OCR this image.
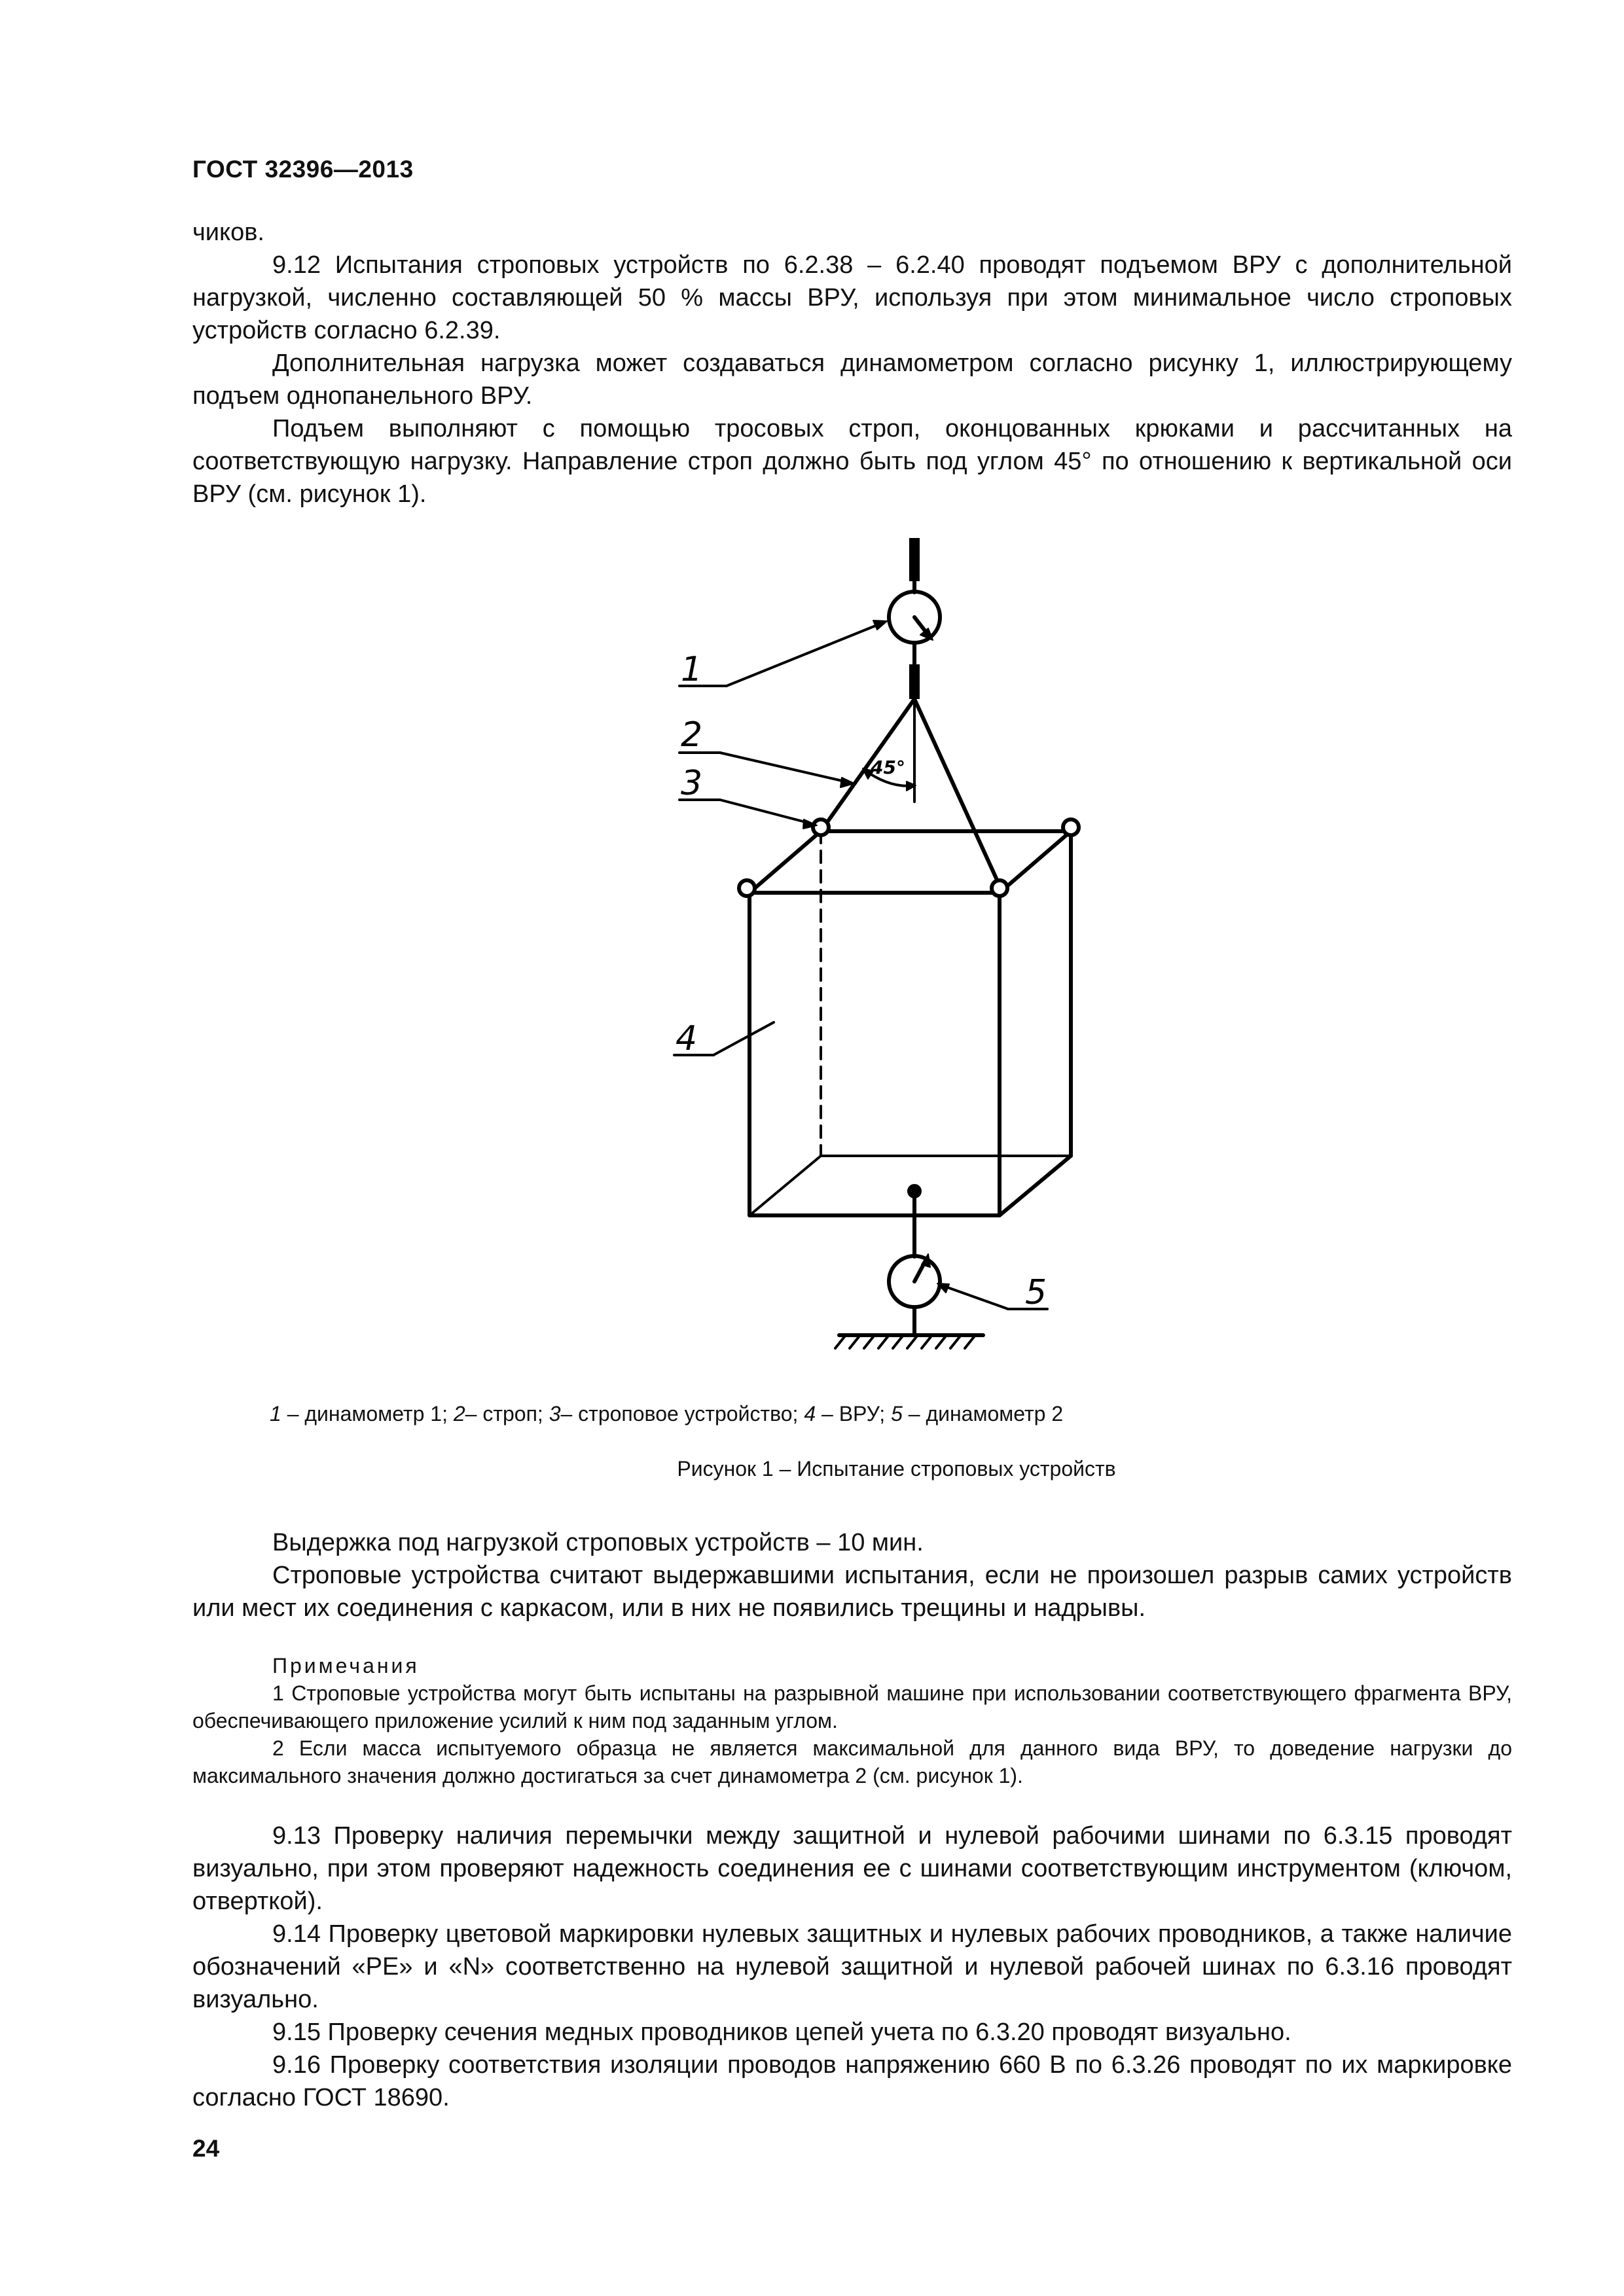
ГОСТ 32396—2013

чиков.

9.12 Испытания строповых устройств по 6.2.38 – 6.2.40 проводят подъемом ВРУ с дополнительной нагрузкой, численно составляющей 50 % массы ВРУ, используя при этом минимальное число строповых устройств согласно 6.2.39.

Дополнительная нагрузка может создаваться динамометром согласно рисунку 1, иллюстрирующему подъем однопанельного ВРУ.

Подъем выполняют с помощью тросовых строп, оконцованных крюками и рассчитанных на соответствующую нагрузку. Направление строп должно быть под углом 45° по отношению к вертикальной оси ВРУ (см. рисунок 1).

1
2
3
4
5
45°
1 – динамометр 1; 2– строп; 3– строповое устройство; 4 – ВРУ; 5 – динамометр 2
Рисунок 1 – Испытание строповых устройств

Выдержка под нагрузкой строповых устройств – 10 мин.

Строповые устройства считают выдержавшими испытания, если не произошел разрыв самих устройств или мест их соединения с каркасом, или в них не появились трещины и надрывы.

Примечания

1 Строповые устройства могут быть испытаны на разрывной машине при использовании соответствующего фрагмента ВРУ, обеспечивающего приложение усилий к ним под заданным углом.

2 Если масса испытуемого образца не является максимальной для данного вида ВРУ, то доведение нагрузки до максимального значения должно достигаться за счет динамометра 2 (см. рисунок 1).

9.13 Проверку наличия перемычки между защитной и нулевой рабочими шинами по 6.3.15 проводят визуально, при этом проверяют надежность соединения ее с шинами соответствующим инструментом (ключом, отверткой).

9.14 Проверку цветовой маркировки нулевых защитных и нулевых рабочих проводников, а также наличие обозначений «PE» и «N» соответственно на нулевой защитной и нулевой рабочей шинах по 6.3.16 проводят визуально.

9.15 Проверку сечения медных проводников цепей учета по 6.3.20 проводят визуально.

9.16 Проверку соответствия изоляции проводов напряжению 660 В по 6.3.26 проводят по их маркировке согласно ГОСТ 18690.

24
